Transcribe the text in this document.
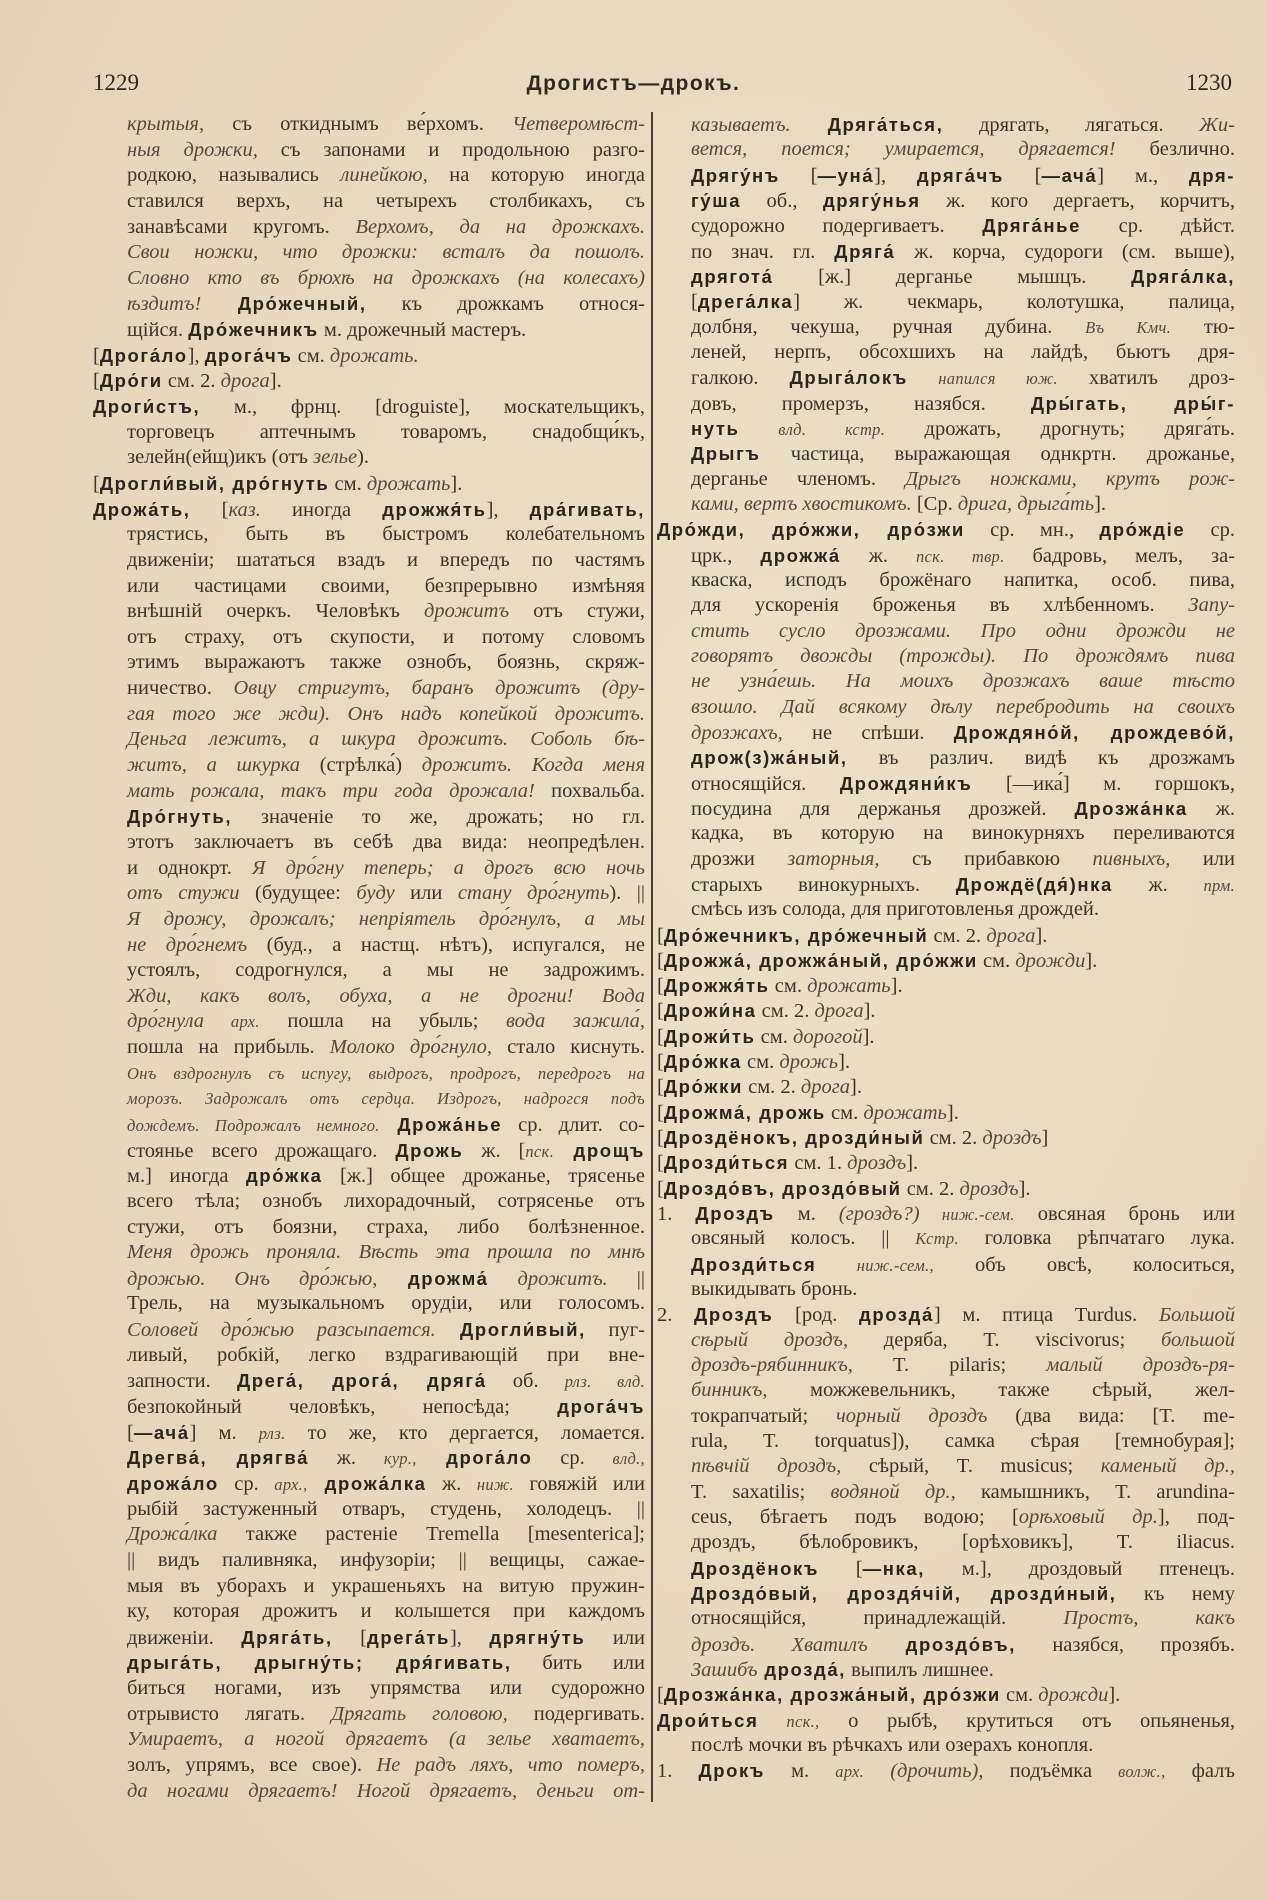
1229	Дрогистъ—дрокъ.	1230
крытыя, съ откиднымъ ве́рхомъ. Четверомѣст-
ныя дрожки, съ запонами и продольною разго-
родкою, назывались линейкою, на которую иногда
ставился верхъ, на четырехъ столбикахъ, съ
занавѣсами кругомъ. Верхомъ, да на дрожкахъ.
Свои ножки, что дрожки: всталъ да пошолъ.
Словно кто въ брюхѣ на дрожкахъ (на колесахъ)
ѣздитъ! Дро́жечный, къ дрожкамъ относя-
щійся. Дро́жечникъ м. дрожечный мастеръ.
[Дрога́ло], дрога́чъ см. дрожать.
[Дро́ги см. 2. дрога].
Дроги́стъ, м., фрнц. [droguiste], москательщикъ,
торговецъ аптечнымъ товаромъ, снадобщи́къ,
зелейн(ейщ)икъ (отъ зелье).
[Дрогли́вый, дро́гнуть см. дрожать].
Дрожа́ть, [каз. иногда дрожжя́ть], дра́гивать,
трястись, быть въ быстромъ колебательномъ
движеніи; шататься взадъ и впередъ по частямъ
или частицами своими, безпрерывно измѣняя
внѣшній очеркъ. Человѣкъ дрожитъ отъ стужи,
отъ страху, отъ скупости, и потому словомъ
этимъ выражаютъ также ознобъ, боязнь, скряж-
ничество. Овцу стригутъ, баранъ дрожитъ (дру-
гая того же жди). Онъ надъ копейкой дрожитъ.
Деньга лежитъ, а шкура дрожитъ. Соболь бѣ-
житъ, а шкурка (стрѣлка́) дрожитъ. Когда меня
мать рожала, такъ три года дрожала! похвальба.
Дро́гнуть, значеніе то же, дрожать; но гл.
этотъ заключаетъ въ себѣ два вида: неопредѣлен.
и однокрт. Я дро́гну теперь; а дрогъ всю ночь
отъ стужи (будущее: буду или стану дро́гнуть). ||
Я дрожу, дрожалъ; непріятель дро́гнулъ, а мы
не дро́гнемъ (буд., а настщ. нѣтъ), испугался, не
устоялъ, содрогнулся, а мы не задрожимъ.
Жди, какъ волъ, обуха, а не дрогни! Вода
дро́гнула арх. пошла на убыль; вода зажила́,
пошла на прибыль. Молоко дро́гнуло, стало киснуть.
Онъ вздрогнулъ съ испугу, выдрогъ, продрогъ, передрогъ на
морозъ. Задрожалъ отъ сердца. Издрогъ, надрогся подъ
дождемъ. Подрожалъ немного. Дрожа́нье ср. длит. со-
стоянье всего дрожащаго. Дрожь ж. [пск. дрощъ
м.] иногда дро́жка [ж.] общее дрожанье, трясенье
всего тѣла; ознобъ лихорадочный, сотрясенье отъ
стужи, отъ боязни, страха, либо болѣзненное.
Меня дрожь проняла. Вѣсть эта прошла по мнѣ
дрожью. Онъ дро́жью, дрожма́ дрожитъ. ||
Трель, на музыкальномъ орудіи, или голосомъ.
Соловей дро́жью разсыпается. Дрогли́вый, пуг-
ливый, робкій, легко вздрагивающій при вне-
запности. Дрега́, дрога́, дряга́ об. рлз. влд.
безпокойный человѣкъ, непосѣда; дрога́чъ
[—ача́] м. рлз. то же, кто дергается, ломается.
Дрегва́, дрягва́ ж. кур., дрога́ло ср. влд.,
дрожа́ло ср. арх., дрожа́лка ж. ниж. говяжій или
рыбій застуженный отваръ, студень, холодецъ. ||
Дрожа́лка также растеніе Tremella [mesenterica];
|| видъ паливняка, инфузоріи; || вещицы, сажае-
мыя въ уборахъ и украшеньяхъ на витую пружин-
ку, которая дрожитъ и колышется при каждомъ
движеніи. Дряга́ть, [дрега́ть], дрягну́ть или
дрыга́ть, дрыгну́ть; дря́гивать, бить или
биться ногами, изъ упрямства или судорожно
отрывисто лягать. Дрягать головою, подергивать.
Умираетъ, а ногой дрягаетъ (а зелье хватаетъ,
золъ, упрямъ, все свое). Не радъ ляхъ, что померъ,
да ногами дрягаетъ! Ногой дрягаетъ, деньги от-
казываетъ. Дряга́ться, дрягать, лягаться. Жи-
вется, поется; умирается, дрягается! безлично.
Дрягу́нъ [—уна́], дряга́чъ [—ача́] м., дря-
гу́ша об., дрягу́нья ж. кого дергаетъ, корчитъ,
судорожно подергиваетъ. Дряга́нье ср. дѣйст.
по знач. гл. Дряга́ ж. корча, судороги (см. выше),
дрягота́ [ж.] дерганье мышцъ. Дряга́лка,
[дрега́лка] ж. чекмарь, колотушка, палица,
долбня, чекуша, ручная дубина. Въ Кмч. тю-
леней, нерпъ, обсохшихъ на лайдѣ, бьютъ дря-
галкою. Дрыга́локъ напился юж. хватилъ дроз-
довъ, промерзъ, назябся. Дры́гать, дры́г-
нуть влд. кстр. дрожать, дрогнуть; дряга́ть.
Дрыгъ частица, выражающая однкртн. дрожанье,
дерганье членомъ. Дрыгъ ножками, крутъ рож-
ками, вертъ хвостикомъ. [Ср. дрига, дрыга́ть].
Дро́жди, дро́жжи, дро́зжи ср. мн., дро́ждіе ср.
црк., дрожжа́ ж. пск. твр. бадровь, мелъ, за-
кваска, исподъ брожёнаго напитка, особ. пива,
для ускоренія броженья въ хлѣбенномъ. Запу-
стить сусло дрозжами. Про одни дрожди не
говорятъ двожды (трожды). По дрождямъ пива
не узна́ешь. На моихъ дрозжахъ ваше тѣсто
взошло. Дай всякому дѣлу перебродить на своихъ
дрозжахъ, не спѣши. Дрождяно́й, дрождево́й,
дрож(з)жа́ный, въ различ. видѣ къ дрозжамъ
относящійся. Дрождяни́къ [—ика́] м. горшокъ,
посудина для держанья дрозжей. Дрозжа́нка ж.
кадка, въ которую на винокурняхъ переливаются
дрозжи заторныя, съ прибавкою пивныхъ, или
старыхъ винокурныхъ. Дрождё(дя́)нка ж. прм.
смѣсь изъ солода, для приготовленья дрождей.
[Дро́жечникъ, дро́жечный см. 2. дрога].
[Дрожжа́, дрожжа́ный, дро́жжи см. дрожди].
[Дрожжя́ть см. дрожать].
[Дрожи́на см. 2. дрога].
[Дрожи́ть см. дорогой].
[Дро́жка см. дрожь].
[Дро́жки см. 2. дрога].
[Дрожма́, дрожь см. дрожать].
[Дроздёнокъ, дрозди́ный см. 2. дроздъ]
[Дрозди́ться см. 1. дроздъ].
[Дроздо́въ, дроздо́вый см. 2. дроздъ].
1. Дроздъ м. (гроздъ?) ниж.-сем. овсяная бронь или
овсяный колосъ. || Кстр. головка рѣпчатаго лука.
Дрозди́ться ниж.-сем., объ овсѣ, колоситься,
выкидывать бронь.
2. Дроздъ [род. дрозда́] м. птица Turdus. Большой
сѣрый дроздъ, деряба, T. viscivorus; большой
дроздъ-рябинникъ, T. pilaris; малый дроздъ-ря-
бинникъ, можжевельникъ, также сѣрый, жел-
токрапчатый; чорный дроздъ (два вида: [T. me-
rula, T. torquatus]), самка сѣрая [темнобурая];
пѣвчій дроздъ, сѣрый, T. musicus; каменый др.,
T. saxatilis; водяной др., камышникъ, T. arundina-
ceus, бѣгаетъ подъ водою; [орѣховый др.], под-
дроздъ, бѣлобровикъ, [орѣховикъ], T. iliacus.
Дроздёнокъ [—нка, м.], дроздовый птенецъ.
Дроздо́вый, дроздя́чій, дрозди́ный, къ нему
относящійся, принадлежащій. Простъ, какъ
дроздъ. Хватилъ дроздо́въ, назябся, прозябъ.
Зашибъ дрозда́, выпилъ лишнее.
[Дрозжа́нка, дрозжа́ный, дро́зжи см. дрожди].
Дрои́ться пск., о рыбѣ, крутиться отъ опьяненья,
послѣ мочки въ рѣчкахъ или озерахъ конопля.
1. Дрокъ м. арх. (дрочить), подъёмка волж., фалъ
